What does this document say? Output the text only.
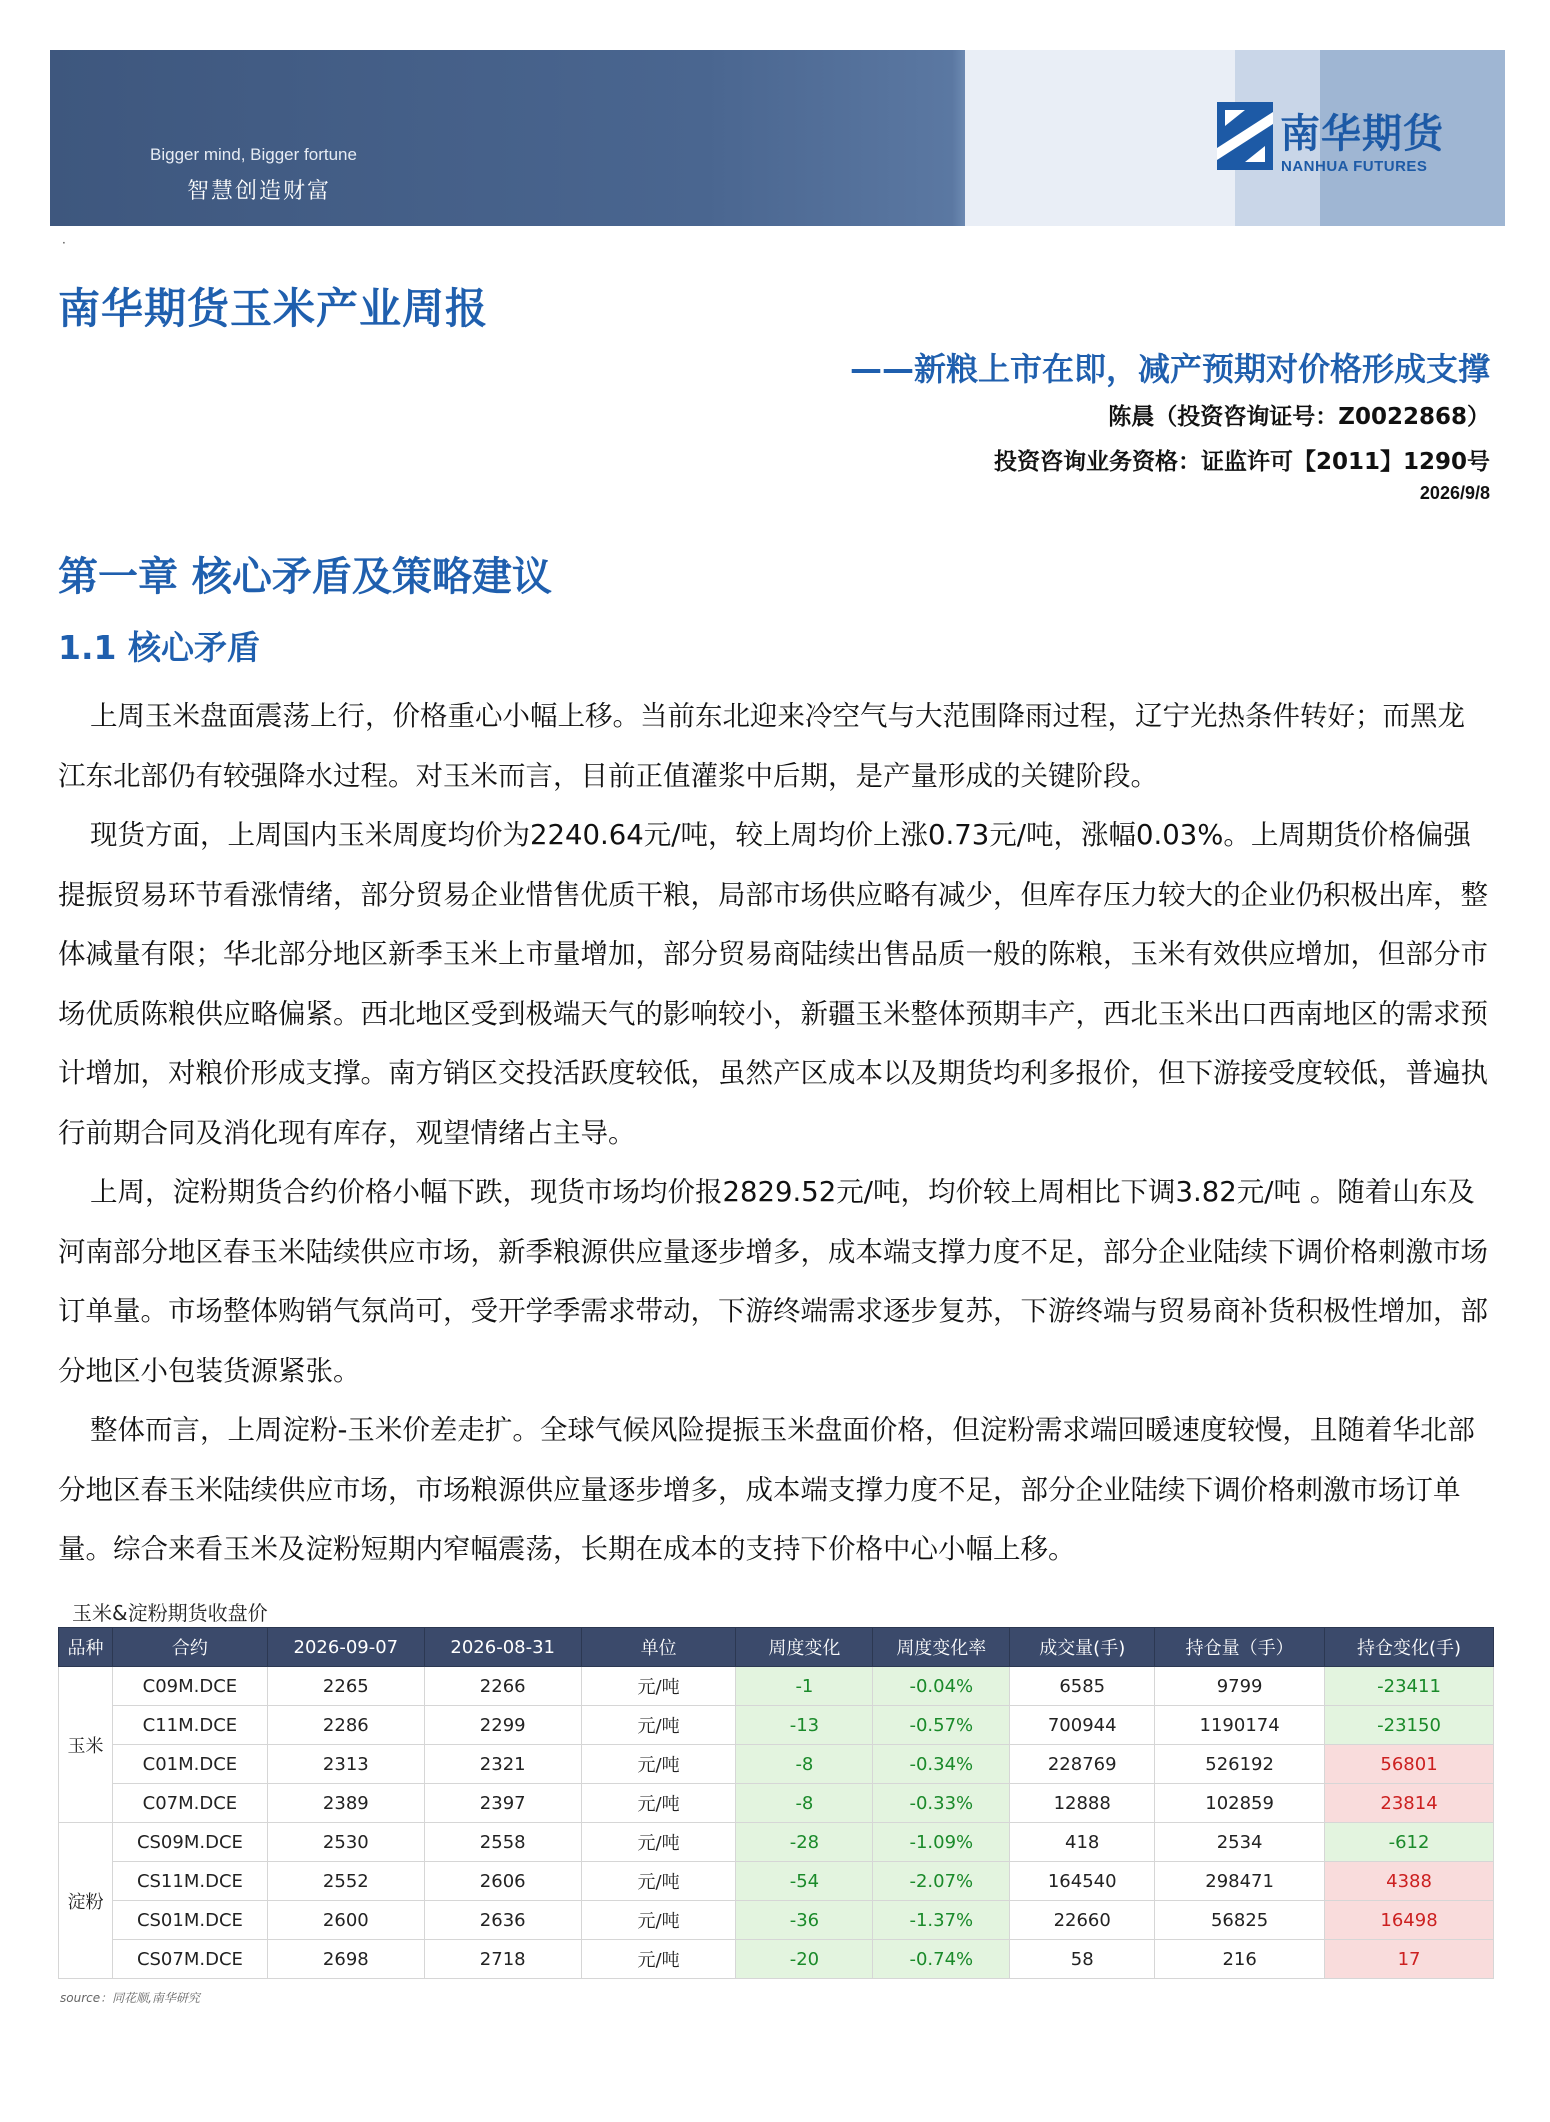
Bigger mind, Bigger fortune
智慧创造财富
南华期货
NANHUA FUTURES
·
南华期货玉米产业周报
——新粮上市在即，减产预期对价格形成支撑
陈晨（投资咨询证号：Z0022868）
投资咨询业务资格：证监许可【2011】1290号
2026/9/8
第一章 核心矛盾及策略建议
1.1 核心矛盾

上周玉米盘面震荡上行，价格重心小幅上移。当前东北迎来冷空气与大范围降雨过程，辽宁光热条件转好；而黑龙江东北部仍有较强降水过程。对玉米而言，目前正值灌浆中后期，是产量形成的关键阶段。

现货方面，上周国内玉米周度均价为2240.64元/吨，较上周均价上涨0.73元/吨，涨幅0.03%。上周期货价格偏强提振贸易环节看涨情绪，部分贸易企业惜售优质干粮，局部市场供应略有减少，但库存压力较大的企业仍积极出库，整体减量有限；华北部分地区新季玉米上市量增加，部分贸易商陆续出售品质一般的陈粮，玉米有效供应增加，但部分市场优质陈粮供应略偏紧。西北地区受到极端天气的影响较小，新疆玉米整体预期丰产，西北玉米出口西南地区的需求预计增加，对粮价形成支撑。南方销区交投活跃度较低，虽然产区成本以及期货均利多报价，但下游接受度较低，普遍执行前期合同及消化现有库存，观望情绪占主导。

上周，淀粉期货合约价格小幅下跌，现货市场均价报2829.52元/吨，均价较上周相比下调3.82元/吨 。随着山东及河南部分地区春玉米陆续供应市场，新季粮源供应量逐步增多，成本端支撑力度不足，部分企业陆续下调价格刺激市场订单量。市场整体购销气氛尚可，受开学季需求带动，下游终端需求逐步复苏，下游终端与贸易商补货积极性增加，部分地区小包装货源紧张。

整体而言，上周淀粉-玉米价差走扩。全球气候风险提振玉米盘面价格，但淀粉需求端回暖速度较慢，且随着华北部分地区春玉米陆续供应市场，市场粮源供应量逐步增多，成本端支撑力度不足，部分企业陆续下调价格刺激市场订单量。综合来看玉米及淀粉短期内窄幅震荡，长期在成本的支持下价格中心小幅上移。

玉米&淀粉期货收盘价
品种	合约	2026-09-07	2026-08-31	单位	周度变化	周度变化率	成交量(手)	持仓量（手）	持仓变化(手)
玉米	C09M.DCE	2265	2266	元/吨	-1	-0.04%	6585	9799	-23411
	C11M.DCE	2286	2299	元/吨	-13	-0.57%	700944	1190174	-23150
	C01M.DCE	2313	2321	元/吨	-8	-0.34%	228769	526192	56801
	C07M.DCE	2389	2397	元/吨	-8	-0.33%	12888	102859	23814
淀粉	CS09M.DCE	2530	2558	元/吨	-28	-1.09%	418	2534	-612
	CS11M.DCE	2552	2606	元/吨	-54	-2.07%	164540	298471	4388
	CS01M.DCE	2600	2636	元/吨	-36	-1.37%	22660	56825	16498
	CS07M.DCE	2698	2718	元/吨	-20	-0.74%	58	216	17
source：同花顺,南华研究
